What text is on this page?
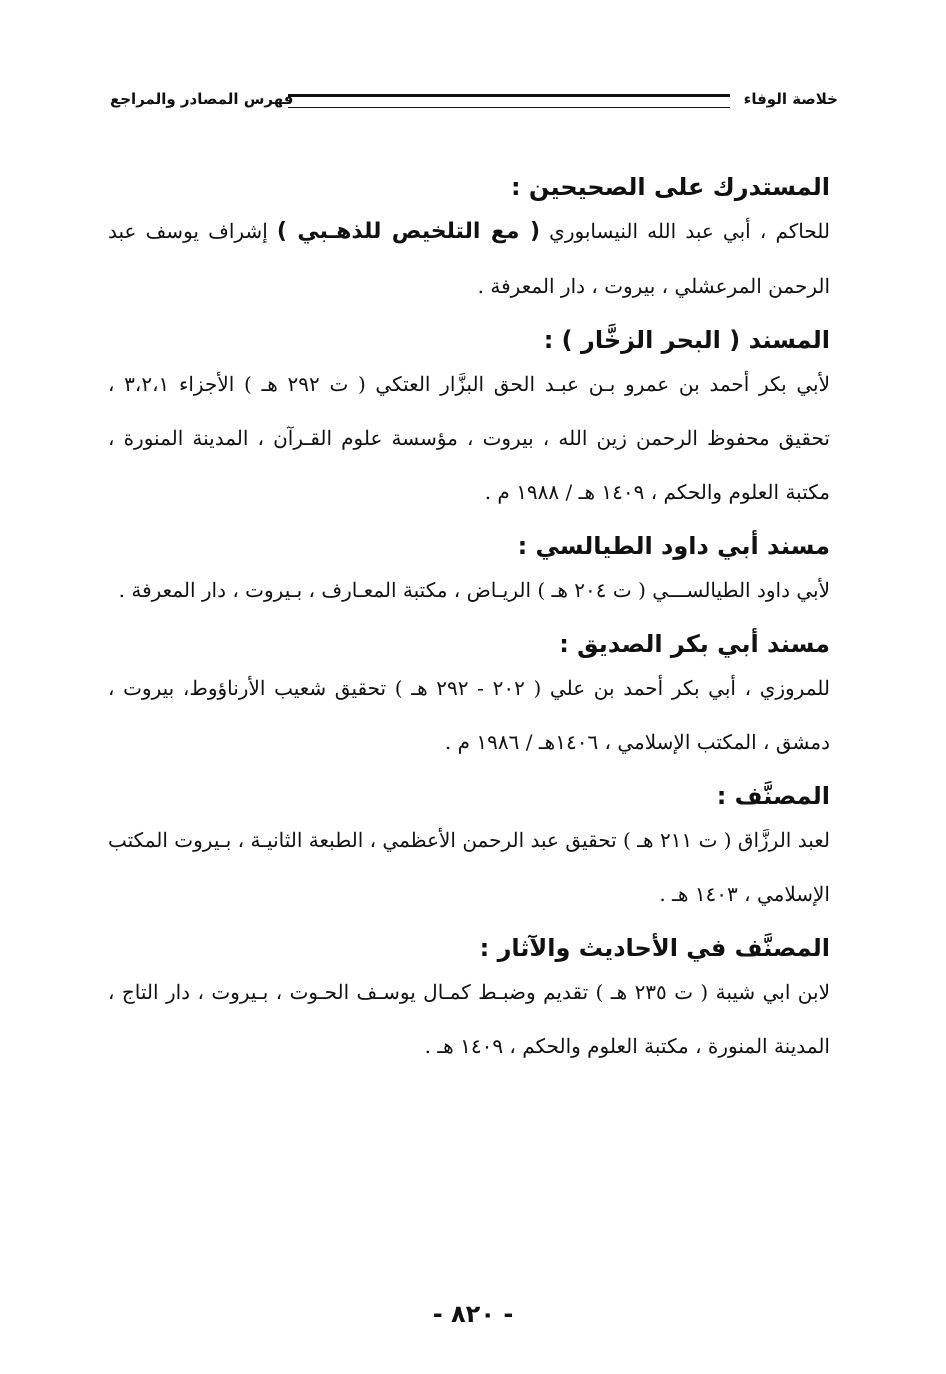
خلاصة الوفاء
فهرس المصادر والمراجع

المستدرك على الصحيحين :

للحاكم ، أبي عبد الله النيسابوري ( مع التلخيص للذهـبي ) إشراف يوسف عبد الرحمن المرعشلي ، بيروت ، دار المعرفة .

المسند ( البحر الزخَّار ) :

لأبي بكر أحمد بن عمرو بـن عبـد الحق البزَّار العتكي ( ت ٢٩٢ هـ ) الأجزاء ٣،٢،١ ، تحقيق محفوظ الرحمن زين الله ، بيروت ، مؤسسة علوم القـرآن ، المدينة المنورة ، مكتبة العلوم والحكم ، ١٤٠٩ هـ / ١٩٨٨ م .

مسند أبي داود الطيالسي :

لأبي داود الطيالســـي ( ت ٢٠٤ هـ ) الريـاض ، مكتبة المعـارف ، بـيروت ، دار المعرفة .

مسند أبي بكر الصديق :

للمروزي ، أبي بكر أحمد بن علي ( ٢٠٢ - ٢٩٢ هـ ) تحقيق شعيب الأرناؤوط، بيروت ، دمشق ، المكتب الإسلامي ، ١٤٠٦هـ / ١٩٨٦ م .

المصنَّف :

لعبد الرزَّاق ( ت ٢١١ هـ ) تحقيق عبد الرحمن الأعظمي ، الطبعة الثانيـة ، بـيروت المكتب الإسلامي ، ١٤٠٣ هـ .

المصنَّف في الأحاديث والآثار :

لابن ابي شيبة ( ت ٢٣٥ هـ ) تقديم وضبـط كمـال يوسـف الحـوت ، بـيروت ، دار التاج ، المدينة المنورة ، مكتبة العلوم والحكم ، ١٤٠٩ هـ .

- ٨٢٠ -
